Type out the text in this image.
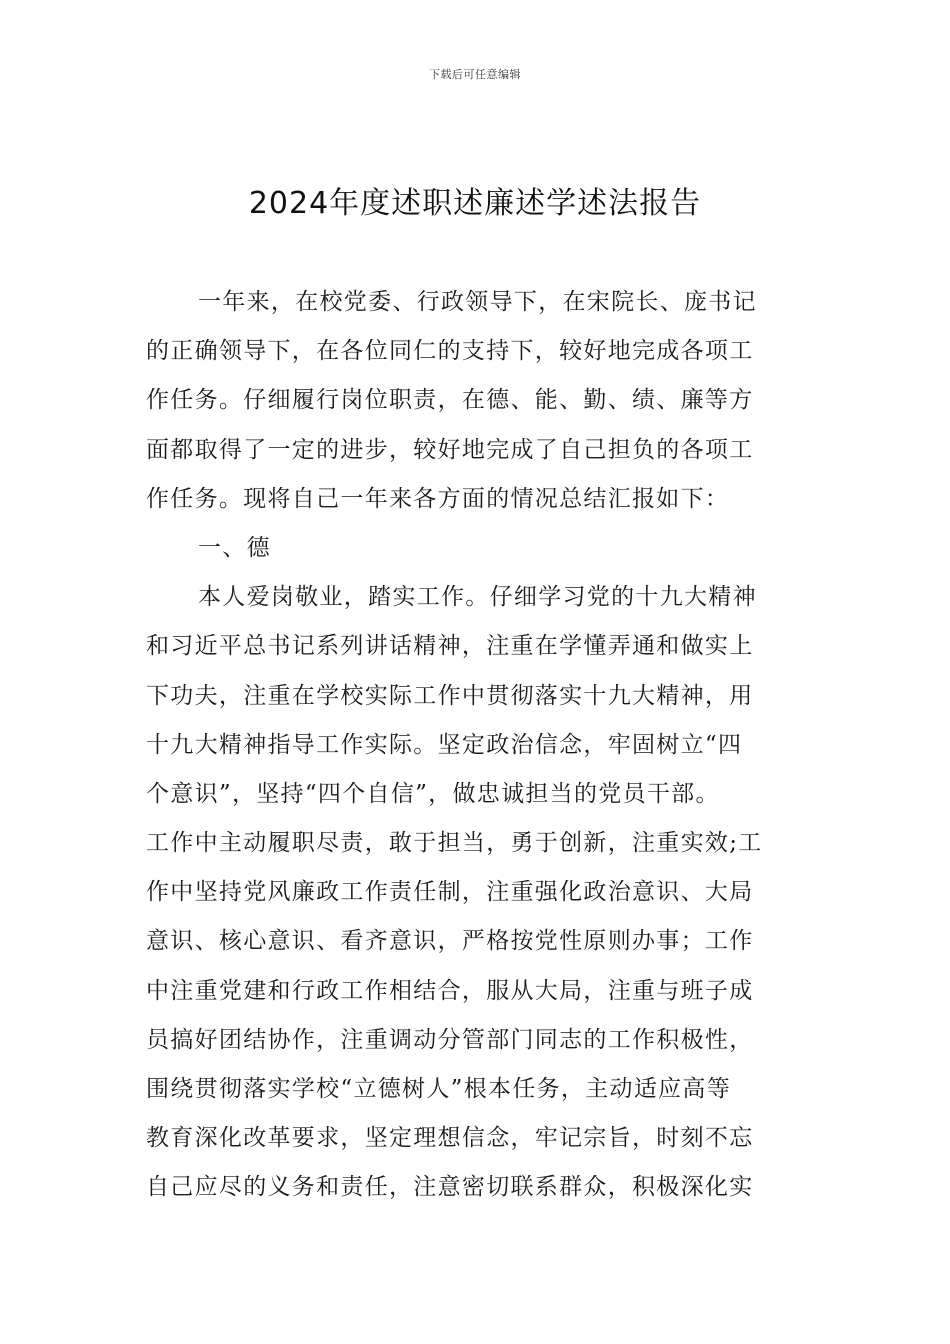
下载后可任意编辑
2024年度述职述廉述学述法报告
一年来，在校党委、行政领导下，在宋院长、庞书记
的正确领导下，在各位同仁的支持下，较好地完成各项工
作任务。仔细履行岗位职责，在德、能、勤、绩、廉等方
面都取得了一定的进步，较好地完成了自己担负的各项工
作任务。现将自己一年来各方面的情况总结汇报如下：
一、德
本人爱岗敬业，踏实工作。仔细学习党的十九大精神
和习近平总书记系列讲话精神，注重在学懂弄通和做实上
下功夫，注重在学校实际工作中贯彻落实十九大精神，用
十九大精神指导工作实际。坚定政治信念，牢固树立“四
个意识”，坚持“四个自信”，做忠诚担当的党员干部。
工作中主动履职尽责，敢于担当，勇于创新，注重实效;工
作中坚持党风廉政工作责任制，注重强化政治意识、大局
意识、核心意识、看齐意识，严格按党性原则办事；工作
中注重党建和行政工作相结合，服从大局，注重与班子成
员搞好团结协作，注重调动分管部门同志的工作积极性，
围绕贯彻落实学校“立德树人”根本任务，主动适应高等
教育深化改革要求，坚定理想信念，牢记宗旨，时刻不忘
自己应尽的义务和责任，注意密切联系群众，积极深化实
